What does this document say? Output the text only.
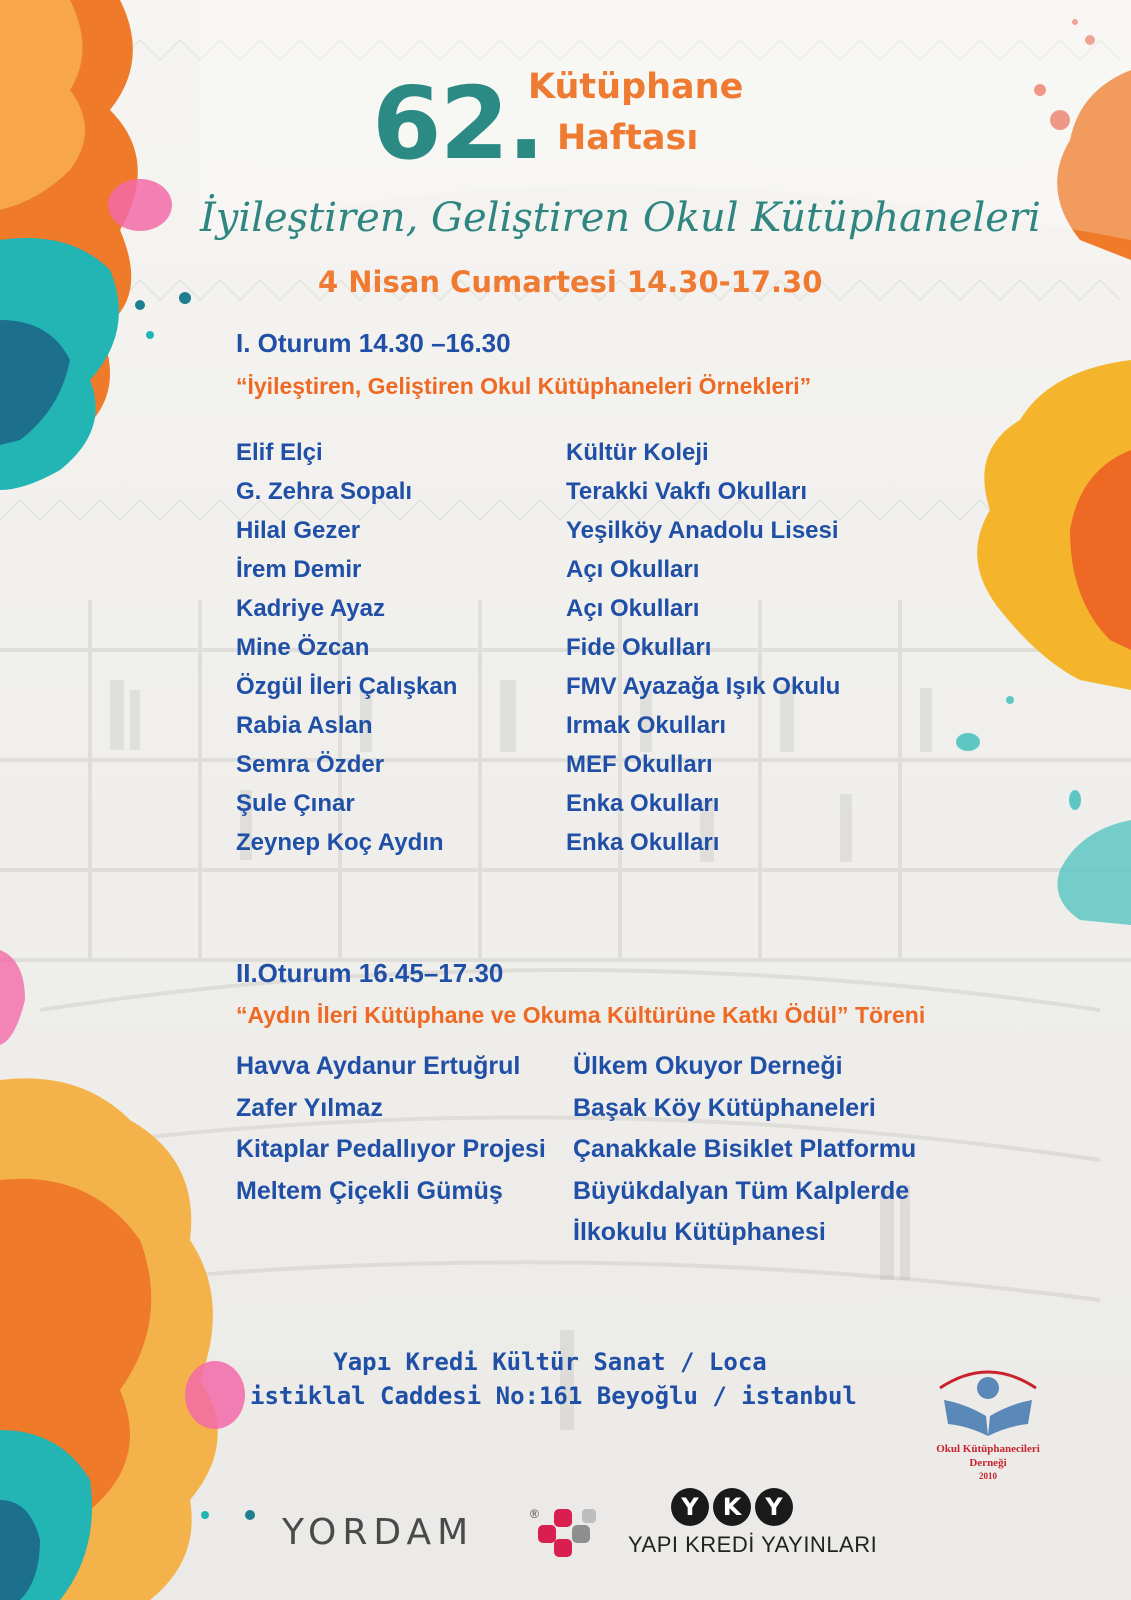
62.
Kütüphane
Haftası
İyileştiren, Geliştiren Okul Kütüphaneleri
4 Nisan Cumartesi 14.30-17.30
I. Oturum 14.30 –16.30
“İyileştiren, Geliştiren Okul Kütüphaneleri Örnekleri”
Elif Elçi
G. Zehra Sopalı
Hilal Gezer
İrem Demir
Kadriye Ayaz
Mine Özcan
Özgül İleri Çalışkan
Rabia Aslan
Semra Özder
Şule Çınar
Zeynep Koç Aydın
Kültür Koleji
Terakki Vakfı Okulları
Yeşilköy Anadolu Lisesi
Açı Okulları
Açı Okulları
Fide Okulları
FMV Ayazağa Işık Okulu
Irmak Okulları
MEF Okulları
Enka Okulları
Enka Okulları
II.Oturum 16.45–17.30
“Aydın İleri Kütüphane ve Okuma Kültürüne Katkı Ödül” Töreni
Havva Aydanur Ertuğrul
Zafer Yılmaz
Kitaplar Pedallıyor Projesi
Meltem Çiçekli Gümüş
Ülkem Okuyor Derneği
Başak Köy Kütüphaneleri
Çanakkale Bisiklet Platformu
Büyükdalyan Tüm Kalplerde
İlkokulu Kütüphanesi
Yapı Kredi Kültür Sanat / Loca
istiklal Caddesi No:161 Beyoğlu / istanbul
Okul Kütüphanecileri
Derneği
2010
YORDAM	®	Y K Y
YAPI KREDİ YAYINLARI
